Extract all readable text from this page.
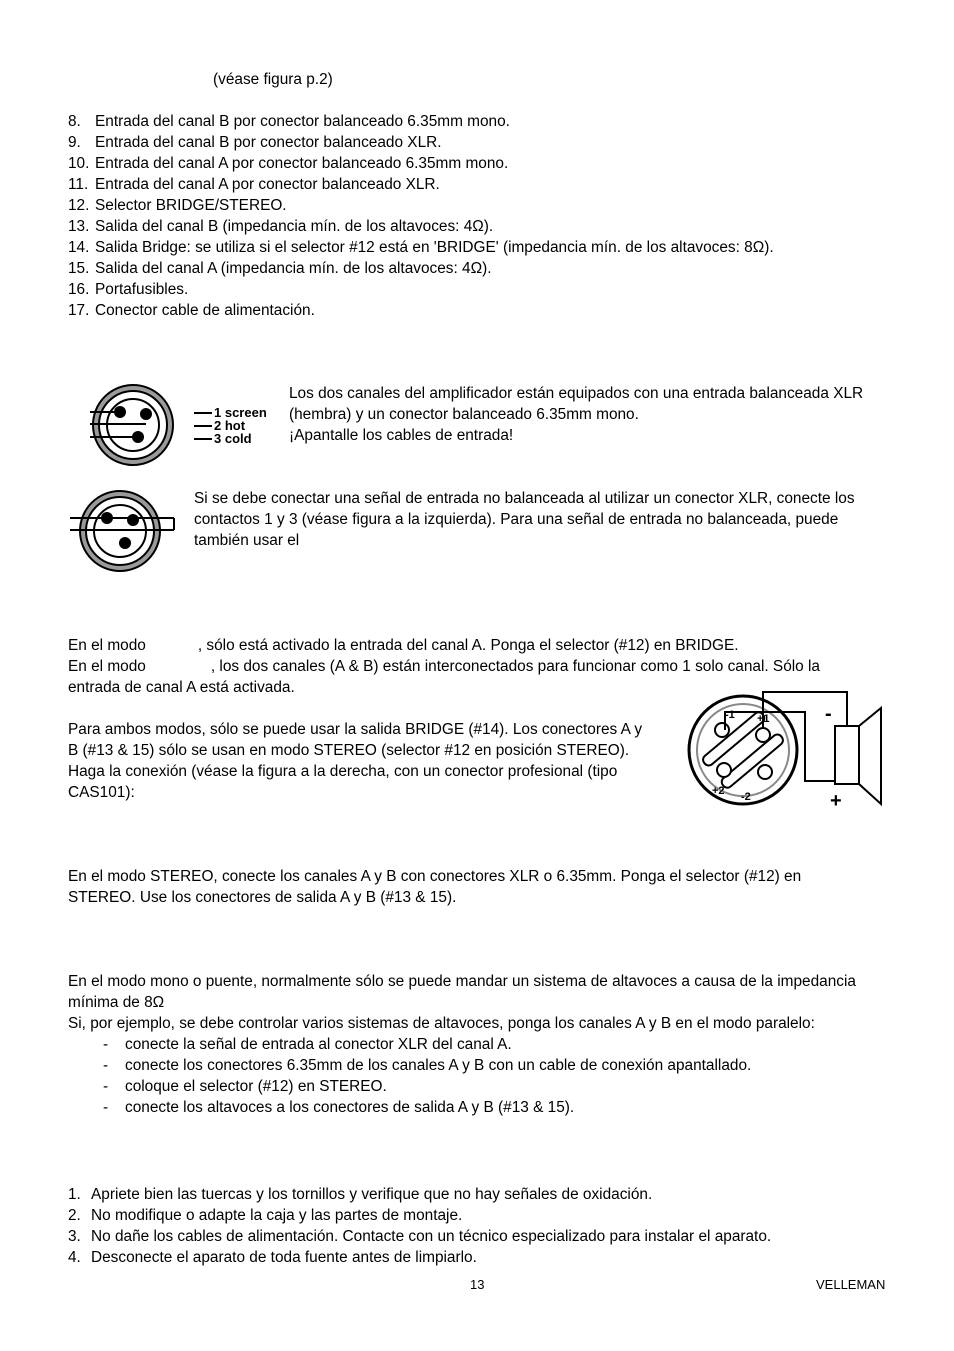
(véase figura p.2)
8. Entrada del canal B por conector balanceado 6.35mm mono.
9. Entrada del canal B por conector balanceado XLR.
10. Entrada del canal A por conector balanceado 6.35mm mono.
11. Entrada del canal A por conector balanceado XLR.
12. Selector BRIDGE/STEREO.
13. Salida del canal B (impedancia mín. de los altavoces: 4Ω).
14. Salida Bridge: se utiliza si el selector #12 está en 'BRIDGE' (impedancia mín. de los altavoces: 8Ω).
15. Salida del canal A (impedancia mín. de los altavoces: 4Ω).
16. Portafusibles.
17. Conector cable de alimentación.
1 screen
2 hot
3 cold
Los dos canales del amplificador están equipados con una entrada balanceada XLR
(hembra) y un conector balanceado 6.35mm mono.
¡Apantalle los cables de entrada!
Si se debe conectar una señal de entrada no balanceada al utilizar un conector XLR, conecte los
contactos 1 y 3 (véase figura a la izquierda). Para una señal de entrada no balanceada, puede
también usar el
En el modo	, sólo está activado la entrada del canal A. Ponga el selector (#12) en BRIDGE.
En el modo	, los dos canales (A & B) están interconectados para funcionar como 1 solo canal. Sólo la
entrada de canal A está activada.
Para ambos modos, sólo se puede usar la salida BRIDGE (#14). Los conectores A y
B (#13 & 15) sólo se usan en modo STEREO (selector #12 en posición STEREO).
Haga la conexión (véase la figura a la derecha, con un conector profesional (tipo
CAS101):
-1 +1
+2 -2
-
+
En el modo STEREO, conecte los canales A y B con conectores XLR o 6.35mm. Ponga el selector (#12) en
STEREO. Use los conectores de salida A y B (#13 & 15).
En el modo mono o puente, normalmente sólo se puede mandar un sistema de altavoces a causa de la impedancia
mínima de 8Ω
Si, por ejemplo, se debe controlar varios sistemas de altavoces, ponga los canales A y B en el modo paralelo:
- conecte la señal de entrada al conector XLR del canal A.
- conecte los conectores 6.35mm de los canales A y B con un cable de conexión apantallado.
- coloque el selector (#12) en STEREO.
- conecte los altavoces a los conectores de salida A y B (#13 & 15).
1. Apriete bien las tuercas y los tornillos y verifique que no hay señales de oxidación.
2. No modifique o adapte la caja y las partes de montaje.
3. No dañe los cables de alimentación. Contacte con un técnico especializado para instalar el aparato.
4. Desconecte el aparato de toda fuente antes de limpiarlo.
13	VELLEMAN
